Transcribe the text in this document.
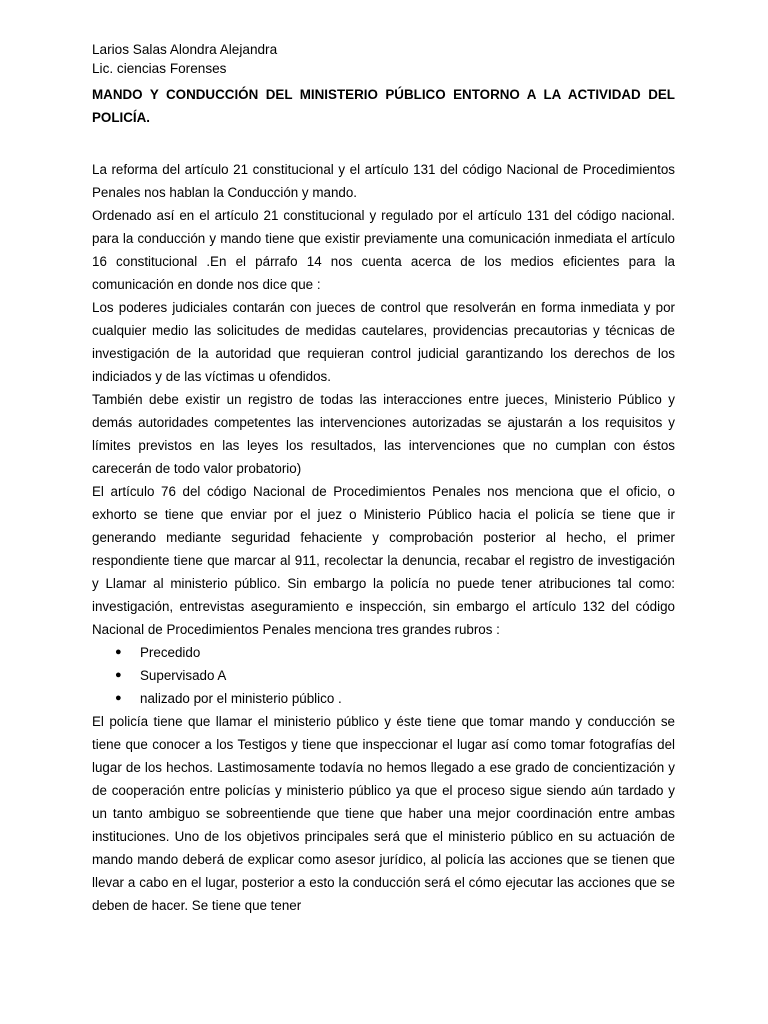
Larios Salas Alondra Alejandra

Lic. ciencias Forenses

MANDO Y CONDUCCIÓN DEL MINISTERIO PÚBLICO ENTORNO A LA ACTIVIDAD DEL POLICÍA.

La reforma del artículo 21 constitucional y el artículo 131 del código Nacional de Procedimientos Penales nos hablan la Conducción y mando.

Ordenado así en el artículo 21 constitucional y regulado por el artículo 131 del código nacional. para la conducción y mando tiene que existir previamente una comunicación inmediata el artículo 16 constitucional .En el párrafo 14 nos cuenta acerca de los medios eficientes para la comunicación en donde nos dice que :

Los poderes judiciales contarán con jueces de control que resolverán en forma inmediata y por cualquier medio las solicitudes de medidas cautelares, providencias precautorias y técnicas de investigación de la autoridad que requieran control judicial garantizando los derechos de los indiciados y de las víctimas u ofendidos.

También debe existir un registro de todas las interacciones entre jueces, Ministerio Público y demás autoridades competentes las intervenciones autorizadas se ajustarán a los requisitos y límites previstos en las leyes los resultados, las intervenciones que no cumplan con éstos carecerán de todo valor probatorio)

El artículo 76 del código Nacional de Procedimientos Penales nos menciona que el oficio, o exhorto se tiene que enviar por el juez o Ministerio Público hacia el policía se tiene que ir generando mediante seguridad fehaciente y comprobación posterior al hecho, el primer respondiente tiene que marcar al 911, recolectar la denuncia, recabar el registro de investigación y Llamar al ministerio público. Sin embargo la policía no puede tener atribuciones tal como: investigación, entrevistas aseguramiento e inspección, sin embargo el artículo 132 del código Nacional de Procedimientos Penales menciona tres grandes rubros :

● Precedido
● Supervisado A
● nalizado por el ministerio público .

El policía tiene que llamar el ministerio público y éste tiene que tomar mando y conducción se tiene que conocer a los Testigos y tiene que inspeccionar el lugar así como tomar fotografías del lugar de los hechos. Lastimosamente todavía no hemos llegado a ese grado de concientización y de cooperación entre policías y ministerio público ya que el proceso sigue siendo aún tardado y un tanto ambiguo se sobreentiende que tiene que haber una mejor coordinación entre ambas instituciones. Uno de los objetivos principales será que el ministerio público en su actuación de mando mando deberá de explicar como asesor jurídico, al policía las acciones que se tienen que llevar a cabo en el lugar, posterior a esto la conducción será el cómo ejecutar las acciones que se deben de hacer. Se tiene que tener
